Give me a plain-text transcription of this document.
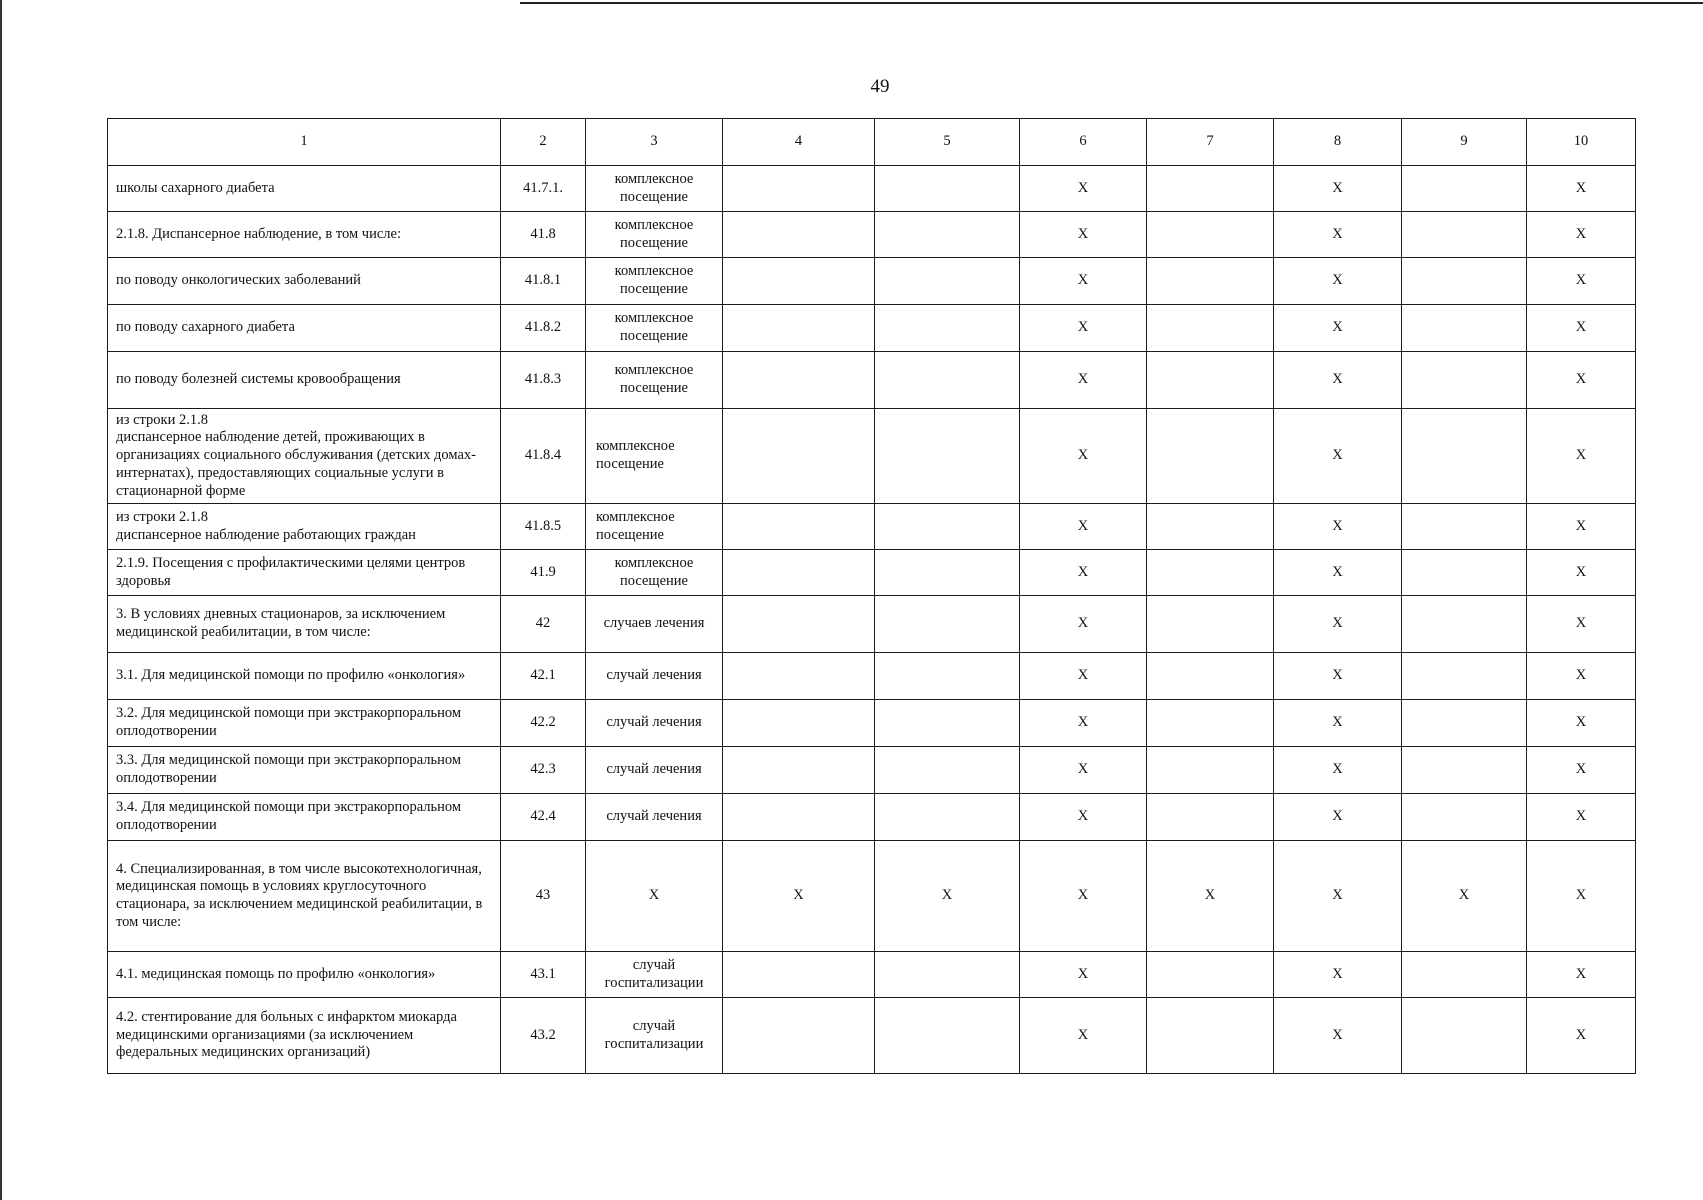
49
1	2	3	4	5	6	7	8	9	10
школы сахарного диабета	41.7.1.	комплексное посещение			X		X		X
2.1.8. Диспансерное наблюдение, в том числе:	41.8	комплексное посещение			X		X		X
по поводу онкологических заболеваний	41.8.1	комплексное посещение			X		X		X
по поводу сахарного диабета	41.8.2	комплексное посещение			X		X		X
по поводу болезней системы кровообращения	41.8.3	комплексное посещение			X		X		X
из строки 2.1.8
диспансерное наблюдение детей, проживающих в организациях социального обслуживания (детских домах-интернатах), предоставляющих социальные услуги в стационарной форме	41.8.4	комплексное посещение			X		X		X
из строки 2.1.8
диспансерное наблюдение работающих граждан	41.8.5	комплексное посещение			X		X		X
2.1.9. Посещения с профилактическими целями центров здоровья	41.9	комплексное посещение			X		X		X
3. В условиях дневных стационаров, за исключением медицинской реабилитации, в том числе:	42	случаев лечения			X		X		X
3.1. Для медицинской помощи по профилю «онкология»	42.1	случай лечения			X		X		X
3.2. Для медицинской помощи при экстракорпоральном оплодотворении	42.2	случай лечения			X		X		X
3.3. Для медицинской помощи при экстракорпоральном оплодотворении	42.3	случай лечения			X		X		X
3.4. Для медицинской помощи при экстракорпоральном оплодотворении	42.4	случай лечения			X		X		X
4. Специализированная, в том числе высокотехнологичная, медицинская помощь в условиях круглосуточного стационара, за исключением медицинской реабилитации, в том числе:	43	X	X	X	X	X	X	X	X
4.1. медицинская помощь по профилю «онкология»	43.1	случай госпитализации			X		X		X
4.2. стентирование для больных с инфарктом миокарда медицинскими организациями (за исключением федеральных медицинских организаций)	43.2	случай госпитализации			X		X		X
